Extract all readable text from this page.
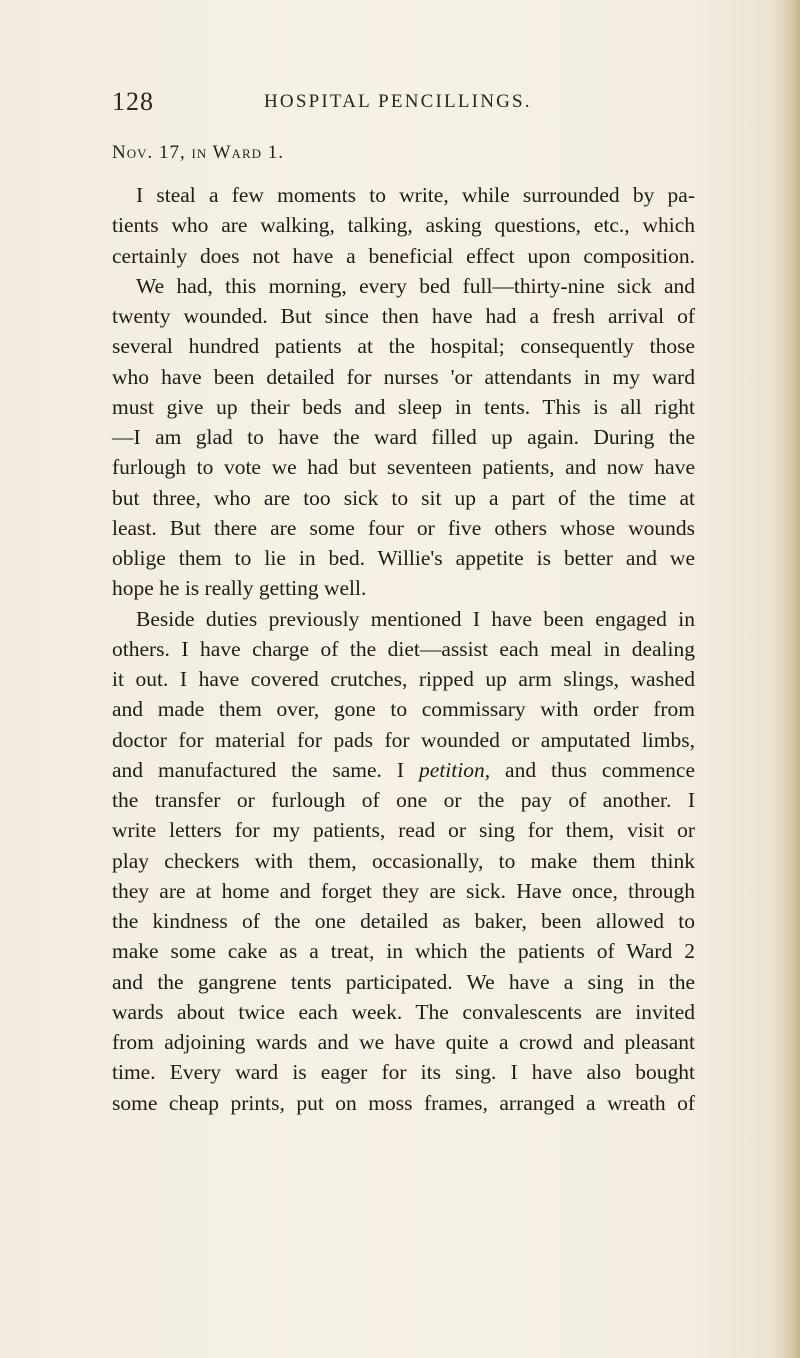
128	HOSPITAL PENCILLINGS.
Nov. 17, in Ward 1.
I steal a few moments to write, while surrounded by pa-
tients who are walking, talking, asking questions, etc., which
certainly does not have a beneficial effect upon composition.
We had, this morning, every bed full—thirty-nine sick and
twenty wounded. But since then have had a fresh arrival of
several hundred patients at the hospital; consequently those
who have been detailed for nurses 'or attendants in my ward
must give up their beds and sleep in tents. This is all right
—I am glad to have the ward filled up again. During the
furlough to vote we had but seventeen patients, and now have
but three, who are too sick to sit up a part of the time at
least. But there are some four or five others whose wounds
oblige them to lie in bed. Willie's appetite is better and we
hope he is really getting well.
Beside duties previously mentioned I have been engaged in
others. I have charge of the diet—assist each meal in dealing
it out. I have covered crutches, ripped up arm slings, washed
and made them over, gone to commissary with order from
doctor for material for pads for wounded or amputated limbs,
and manufactured the same. I petition, and thus commence
the transfer or furlough of one or the pay of another. I
write letters for my patients, read or sing for them, visit or
play checkers with them, occasionally, to make them think
they are at home and forget they are sick. Have once, through
the kindness of the one detailed as baker, been allowed to
make some cake as a treat, in which the patients of Ward 2
and the gangrene tents participated. We have a sing in the
wards about twice each week. The convalescents are invited
from adjoining wards and we have quite a crowd and pleasant
time. Every ward is eager for its sing. I have also bought
some cheap prints, put on moss frames, arranged a wreath of
